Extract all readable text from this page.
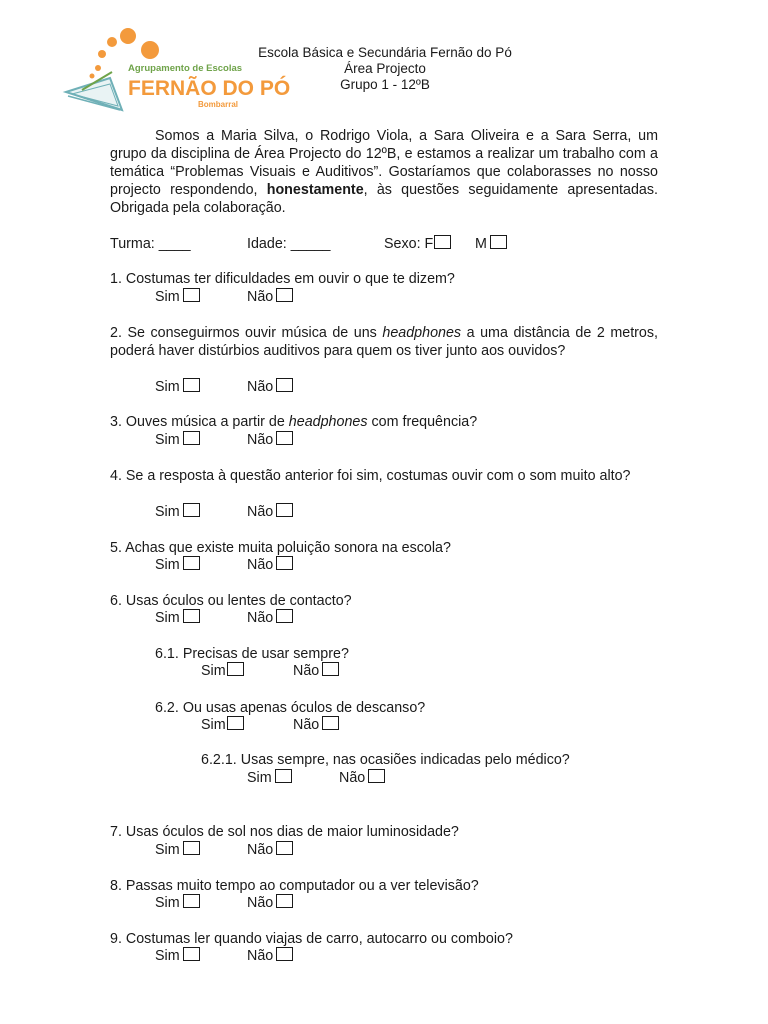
Agrupamento de Escolas
FERNÃO DO PÓ
Bombarral
Escola Básica e Secundária Fernão do Pó
Área Projecto
Grupo 1 - 12ºB
Somos a Maria Silva, o Rodrigo Viola, a Sara Oliveira e a Sara Serra, um grupo da disciplina de Área Projecto do 12ºB, e estamos a realizar um trabalho com a temática “Problemas Visuais e Auditivos”. Gostaríamos que colaborasses no nosso projecto respondendo, honestamente, às questões seguidamente apresentadas. Obrigada pela colaboração.
Turma: ____	Idade: _____	Sexo: F	M
1. Costumas ter dificuldades em ouvir o que te dizem?
Sim	Não
2. Se conseguirmos ouvir música de uns headphones a uma distância de 2 metros, poderá haver distúrbios auditivos para quem os tiver junto aos ouvidos?
Sim	Não
3. Ouves música a partir de headphones com frequência?
Sim	Não
4. Se a resposta à questão anterior foi sim, costumas ouvir com o som muito alto?
Sim	Não
5. Achas que existe muita poluição sonora na escola?
Sim	Não
6. Usas óculos ou lentes de contacto?
Sim	Não
6.1. Precisas de usar sempre?
Sim	Não
6.2. Ou usas apenas óculos de descanso?
Sim	Não
6.2.1. Usas sempre, nas ocasiões indicadas pelo médico?
Sim	Não
7. Usas óculos de sol nos dias de maior luminosidade?
Sim	Não
8. Passas muito tempo ao computador ou a ver televisão?
Sim	Não
9. Costumas ler quando viajas de carro, autocarro ou comboio?
Sim	Não
